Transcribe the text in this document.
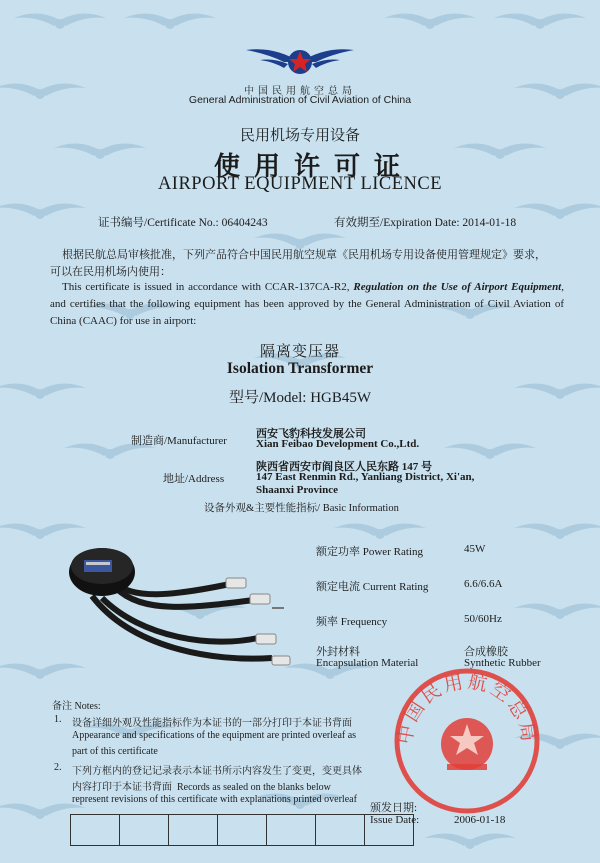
中国民用航空总局
General Administration of Civil Aviation of China
民用机场专用设备
使用许可证
AIRPORT EQUIPMENT LICENCE
证书编号/Certificate No.: 06404243	有效期至/Expiration Date: 2014-01-18
根据民航总局审核批准，下列产品符合中国民用航空规章《民用机场专用设备使用管理规定》要求，
可以在民用机场内使用：
This certificate is issued in accordance with CCAR-137CA-R2, Regulation on the Use of Airport Equipment, and certifies that the following equipment has been approved by the General Administration of Civil Aviation of China (CAAC) for use in airport:
隔离变压器
Isolation Transformer
型号/Model: HGB45W
制造商/Manufacturer
西安飞豹科技发展公司
Xian Feibao Development Co.,Ltd.
地址/Address
陕西省西安市阎良区人民东路 147 号
147 East Renmin Rd., Yanliang District, Xi'an,
Shaanxi Province
设备外观&主要性能指标/ Basic Information
额定功率 Power Rating	45W
额定电流 Current Rating	6.6/6.6A
频率 Frequency	50/60Hz
外封材料
Encapsulation Material
合成橡胶
Synthetic Rubber
备注 Notes:
1. 设备详细外观及性能指标作为本证书的一部分打印于本证书背面
Appearance and specifications of the equipment are printed overleaf as
part of this certificate
2. 下列方框内的登记记录表示本证书所示内容发生了变更，变更具体
内容打印于本证书背面 Records as sealed on the blanks below
represent revisions of this certificate with explanations printed overleaf
中国民用航空总局
颁发日期:
Issue Date:	2006-01-18
